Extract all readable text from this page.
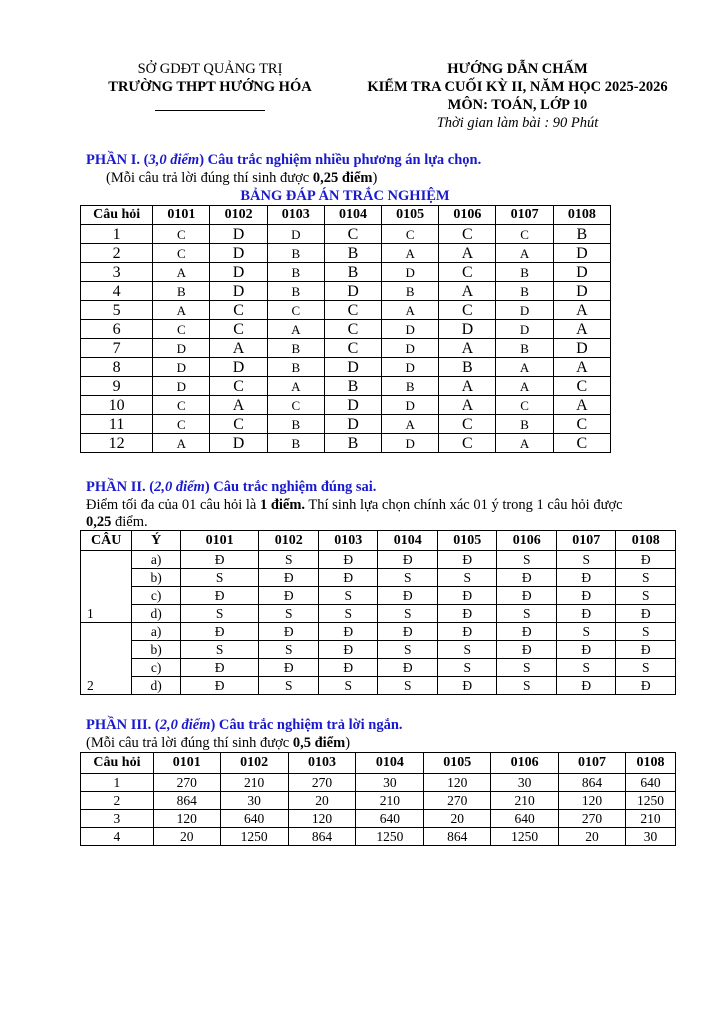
SỞ GDĐT QUẢNG TRỊ
TRƯỜNG THPT HƯỚNG HÓA
HƯỚNG DẪN CHẤM
KIỂM TRA CUỐI KỲ II, NĂM HỌC 2025-2026
MÔN: TOÁN, LỚP 10
Thời gian làm bài : 90 Phút
PHẦN I. (3,0 điểm) Câu trắc nghiệm nhiều phương án lựa chọn.
(Mỗi câu trả lời đúng thí sinh được 0,25 điểm)
BẢNG ĐÁP ÁN TRẮC NGHIỆM
Câu hỏi	0101	0102	0103	0104	0105	0106	0107	0108
1	C	D	D	C	C	C	C	B
2	C	D	B	B	A	A	A	D
3	A	D	B	B	D	C	B	D
4	B	D	B	D	B	A	B	D
5	A	C	C	C	A	C	D	A
6	C	C	A	C	D	D	D	A
7	D	A	B	C	D	A	B	D
8	D	D	B	D	D	B	A	A
9	D	C	A	B	B	A	A	C
10	C	A	C	D	D	A	C	A
11	C	C	B	D	A	C	B	C
12	A	D	B	B	D	C	A	C
PHẦN II. (2,0 điểm) Câu trắc nghiệm đúng sai.
Điểm tối đa của 01 câu hỏi là 1 điểm. Thí sinh lựa chọn chính xác 01 ý trong 1 câu hỏi được
0,25 điểm.
CÂU	Ý	0101	0102	0103	0104	0105	0106	0107	0108
1	a)	Đ	S	Đ	Đ	Đ	S	S	Đ
	b)	S	Đ	Đ	S	S	Đ	Đ	S
	c)	Đ	Đ	S	Đ	Đ	Đ	Đ	S
	d)	S	S	S	S	Đ	S	Đ	Đ
2	a)	Đ	Đ	Đ	Đ	Đ	Đ	S	S
	b)	S	S	Đ	S	S	Đ	Đ	Đ
	c)	Đ	Đ	Đ	Đ	S	S	S	S
	d)	Đ	S	S	S	Đ	S	Đ	Đ
PHẦN III. (2,0 điểm) Câu trắc nghiệm trả lời ngắn.
(Mỗi câu trả lời đúng thí sinh được 0,5 điểm)
Câu hỏi	0101	0102	0103	0104	0105	0106	0107	0108
1	270	210	270	30	120	30	864	640
2	864	30	20	210	270	210	120	1250
3	120	640	120	640	20	640	270	210
4	20	1250	864	1250	864	1250	20	30
